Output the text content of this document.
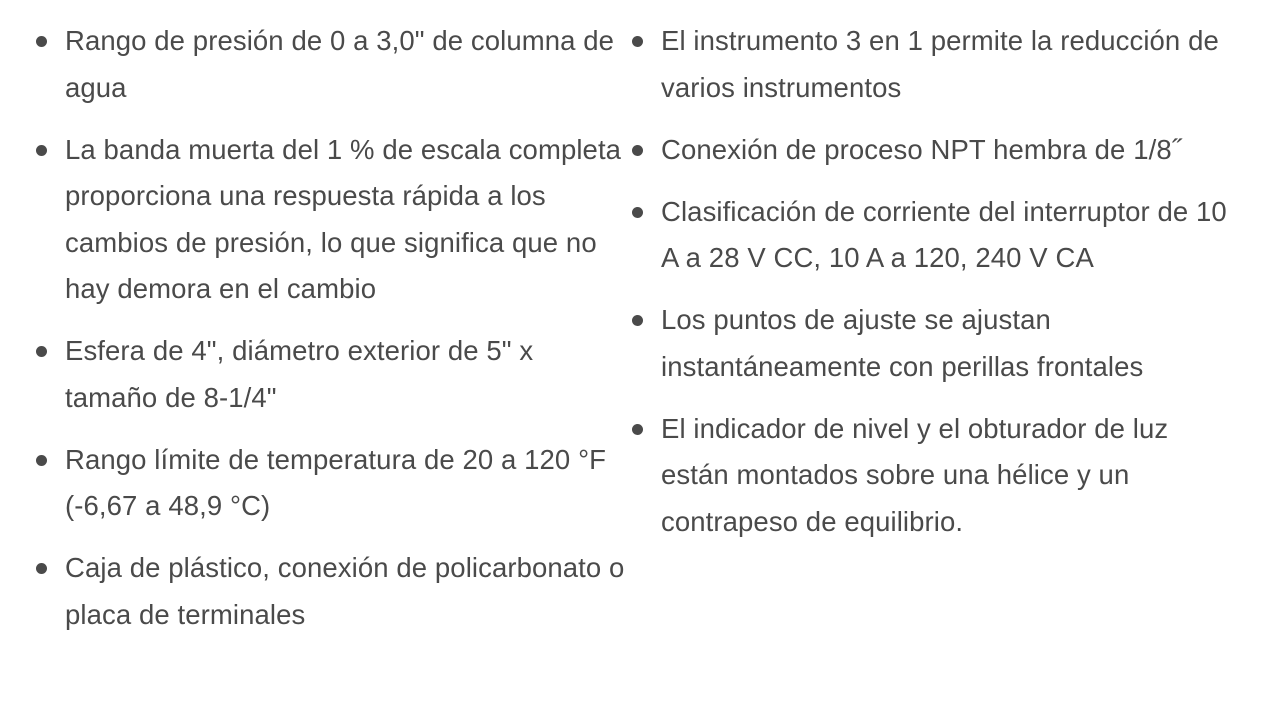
Rango de presión de 0 a 3,0" de columna de agua
La banda muerta del 1 % de escala completa proporciona una respuesta rápida a los cambios de presión, lo que significa que no hay demora en el cambio
Esfera de 4", diámetro exterior de 5" x tamaño de 8-1/4"
Rango límite de temperatura de 20 a 120 °F (-6,67 a 48,9 °C)
Caja de plástico, conexión de policarbonato o placa de terminales
El instrumento 3 en 1 permite la reducción de varios instrumentos
Conexión de proceso NPT hembra de 1/8˝
Clasificación de corriente del interruptor de 10 A a 28 V CC, 10 A a 120, 240 V CA
Los puntos de ajuste se ajustan instantáneamente con perillas frontales
El indicador de nivel y el obturador de luz están montados sobre una hélice y un contrapeso de equilibrio.
